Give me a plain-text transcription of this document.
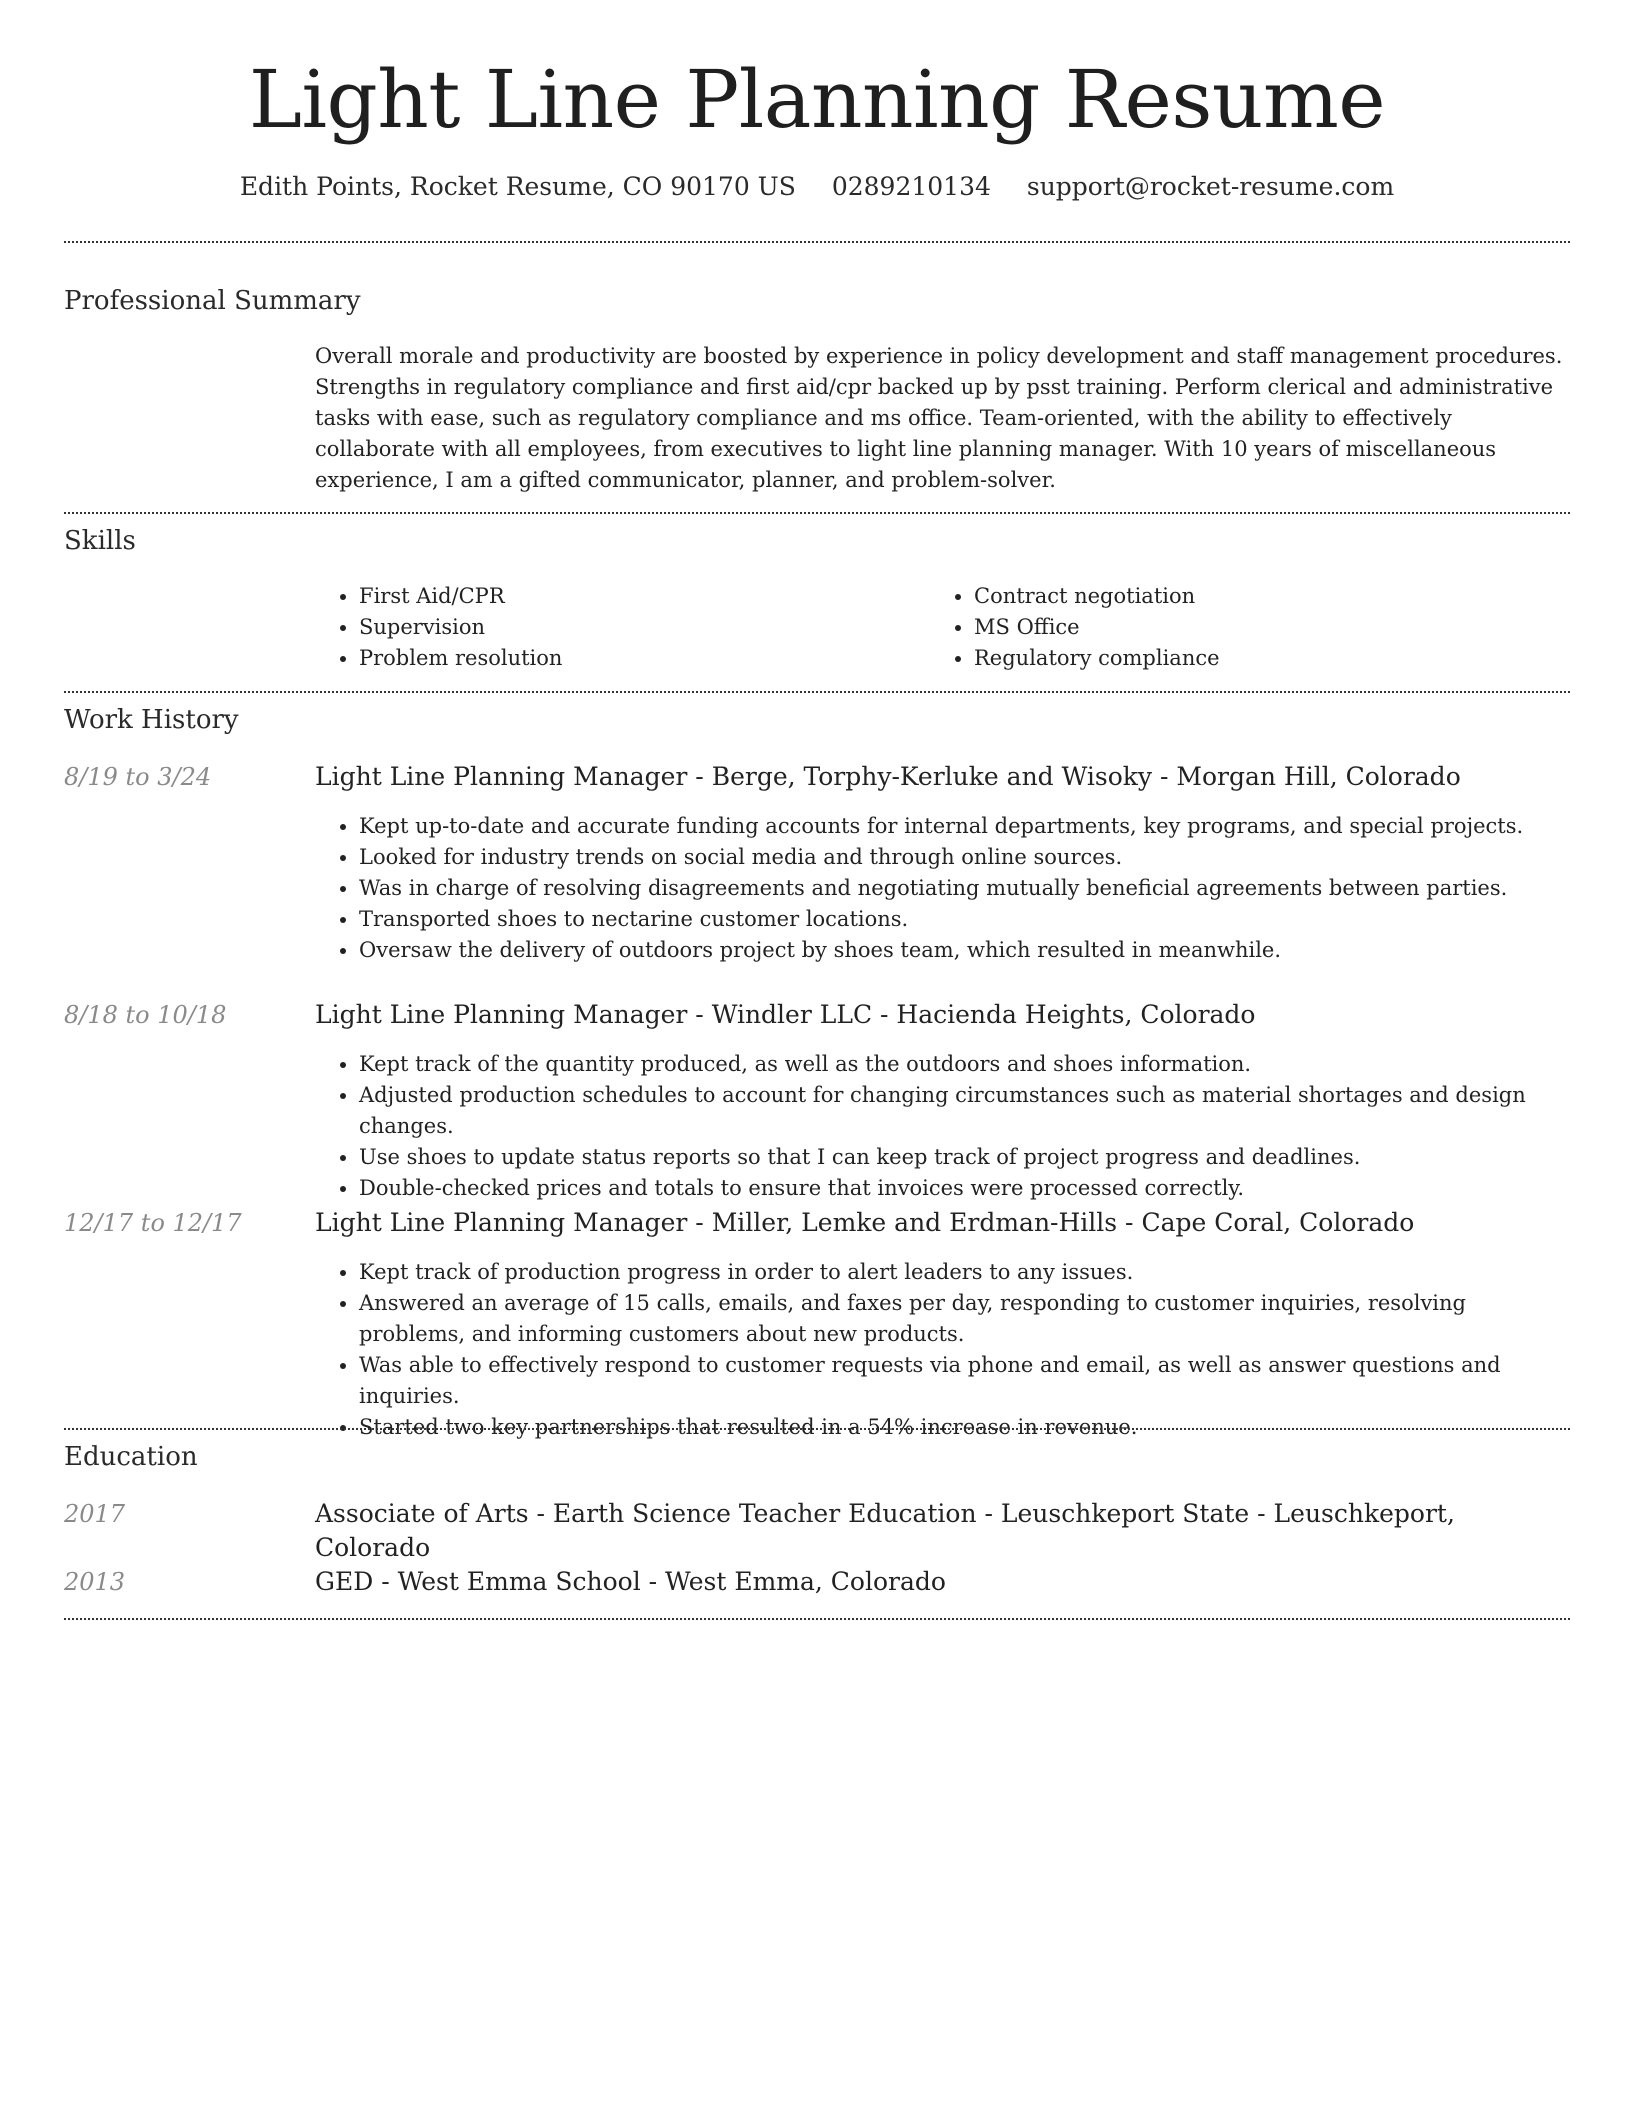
Light Line Planning Resume
Edith Points, Rocket Resume, CO 90170 US 0289210134 support@rocket-resume.com
Professional Summary

Overall morale and productivity are boosted by experience in policy development and staff management procedures. Strengths in regulatory compliance and first aid/cpr backed up by psst training. Perform clerical and administrative tasks with ease, such as regulatory compliance and ms office. Team-oriented, with the ability to effectively collaborate with all employees, from executives to light line planning manager. With 10 years of miscellaneous experience, I am a gifted communicator, planner, and problem-solver.

Skills
• First Aid/CPR
• Supervision
• Problem resolution
• Contract negotiation
• MS Office
• Regulatory compliance
Work History
8/19 to 3/24	Light Line Planning Manager - Berge, Torphy-Kerluke and Wisoky - Morgan Hill, Colorado
• Kept up-to-date and accurate funding accounts for internal departments, key programs, and special projects.
• Looked for industry trends on social media and through online sources.
• Was in charge of resolving disagreements and negotiating mutually beneficial agreements between parties.
• Transported shoes to nectarine customer locations.
• Oversaw the delivery of outdoors project by shoes team, which resulted in meanwhile.
8/18 to 10/18	Light Line Planning Manager - Windler LLC - Hacienda Heights, Colorado
• Kept track of the quantity produced, as well as the outdoors and shoes information.
• Adjusted production schedules to account for changing circumstances such as material shortages and design changes.
• Use shoes to update status reports so that I can keep track of project progress and deadlines.
• Double-checked prices and totals to ensure that invoices were processed correctly.
12/17 to 12/17	Light Line Planning Manager - Miller, Lemke and Erdman-Hills - Cape Coral, Colorado
• Kept track of production progress in order to alert leaders to any issues.
• Answered an average of 15 calls, emails, and faxes per day, responding to customer inquiries, resolving problems, and informing customers about new products.
• Was able to effectively respond to customer requests via phone and email, as well as answer questions and inquiries.
• Started two key partnerships that resulted in a 54% increase in revenue.
Education
2017	Associate of Arts - Earth Science Teacher Education - Leuschkeport State - Leuschkeport, Colorado
2013	GED - West Emma School - West Emma, Colorado
